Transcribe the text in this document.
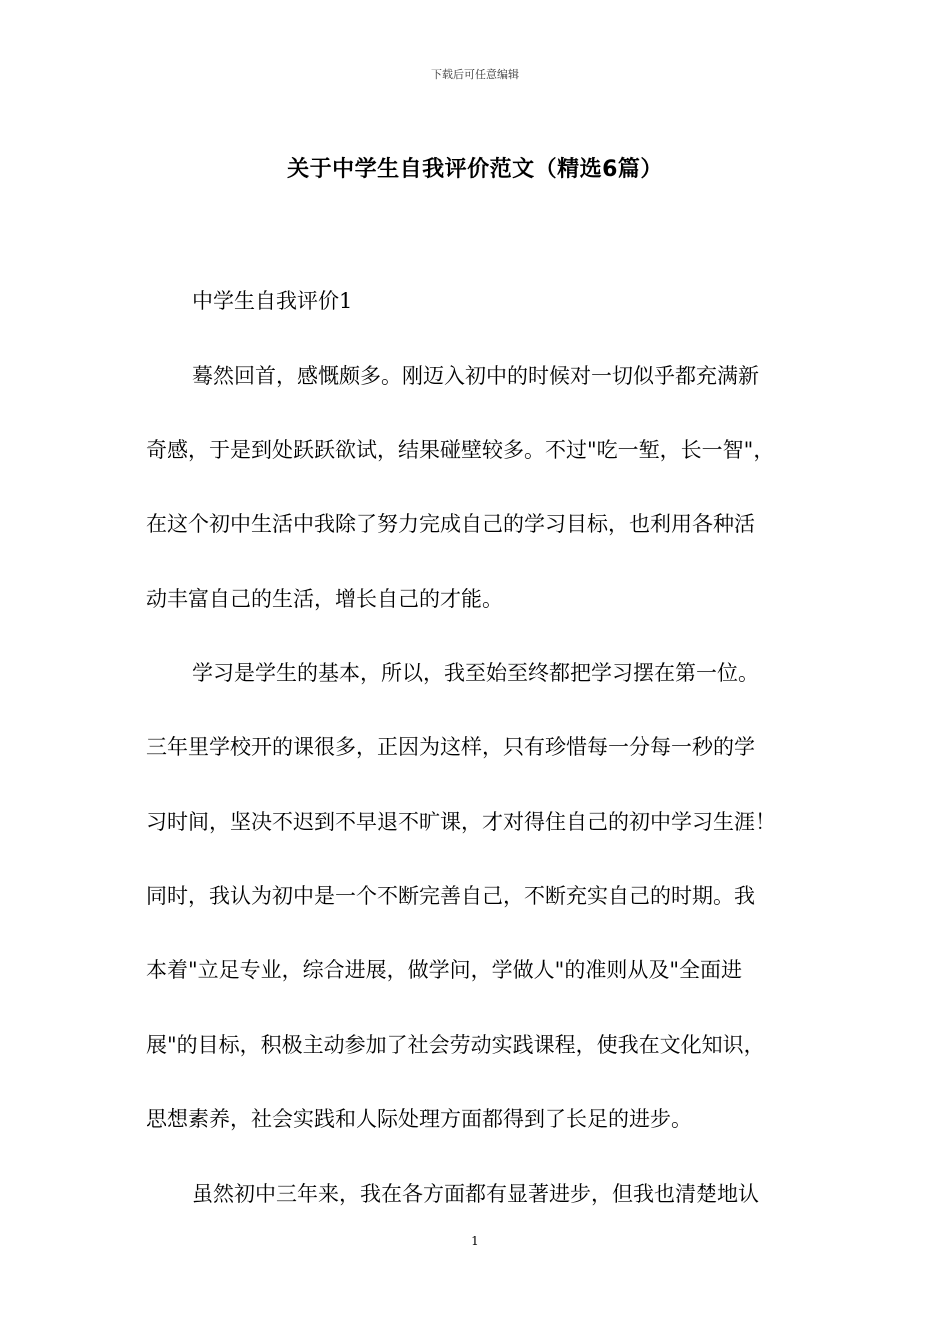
下载后可任意编辑
关于中学生自我评价范文（精选6篇）
中学生自我评价1
蓦然回首，感慨颇多。刚迈入初中的时候对一切似乎都充满新
奇感，于是到处跃跃欲试，结果碰壁较多。不过"吃一堑，长一智"，
在这个初中生活中我除了努力完成自己的学习目标，也利用各种活
动丰富自己的生活，增长自己的才能。
学习是学生的基本，所以，我至始至终都把学习摆在第一位。
三年里学校开的课很多，正因为这样，只有珍惜每一分每一秒的学
习时间，坚决不迟到不早退不旷课，才对得住自己的初中学习生涯！
同时，我认为初中是一个不断完善自己，不断充实自己的时期。我
本着"立足专业，综合进展，做学问，学做人"的准则从及"全面进
展"的目标，积极主动参加了社会劳动实践课程，使我在文化知识，
思想素养，社会实践和人际处理方面都得到了长足的进步。
虽然初中三年来，我在各方面都有显著进步，但我也清楚地认
1
